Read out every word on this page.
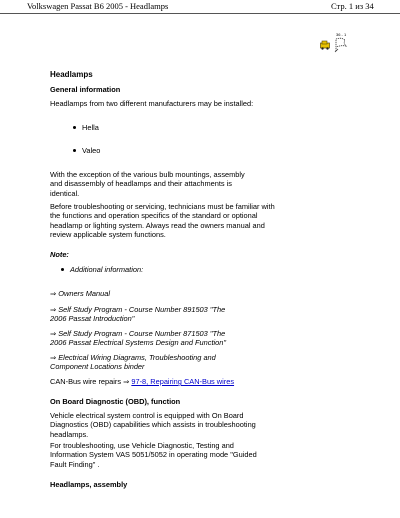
Volkswagen Passat B6 2005 - Headlamps	Стр. 1 из 34
36 - 1
Headlamps
General information

Headlamps from two different manufacturers may be installed:

Hella
Valeo

With the exception of the various bulb mountings, assembly and disassembly of headlamps and their attachments is identical.

Before troubleshooting or servicing, technicians must be familiar with the functions and operation specifics of the standard or optional headlamp or lighting system. Always read the owners manual and review applicable system functions.

Note:
Additional information:
⇒ Owners Manual
⇒ Self Study Program - Course Number 891503 "The
2006 Passat Introduction"
⇒ Self Study Program - Course Number 871503 "The
2006 Passat Electrical Systems Design and Function"
⇒ Electrical Wiring Diagrams, Troubleshooting and
Component Locations binder
CAN-Bus wire repairs ⇒ 97-8, Repairing CAN-Bus wires
On Board Diagnostic (OBD), function

Vehicle electrical system control is equipped with On Board Diagnostics (OBD) capabilities which assists in troubleshooting headlamps.

For troubleshooting, use Vehicle Diagnostic, Testing and Information System VAS 5051/5052 in operating mode "Guided Fault Finding" .

Headlamps, assembly
